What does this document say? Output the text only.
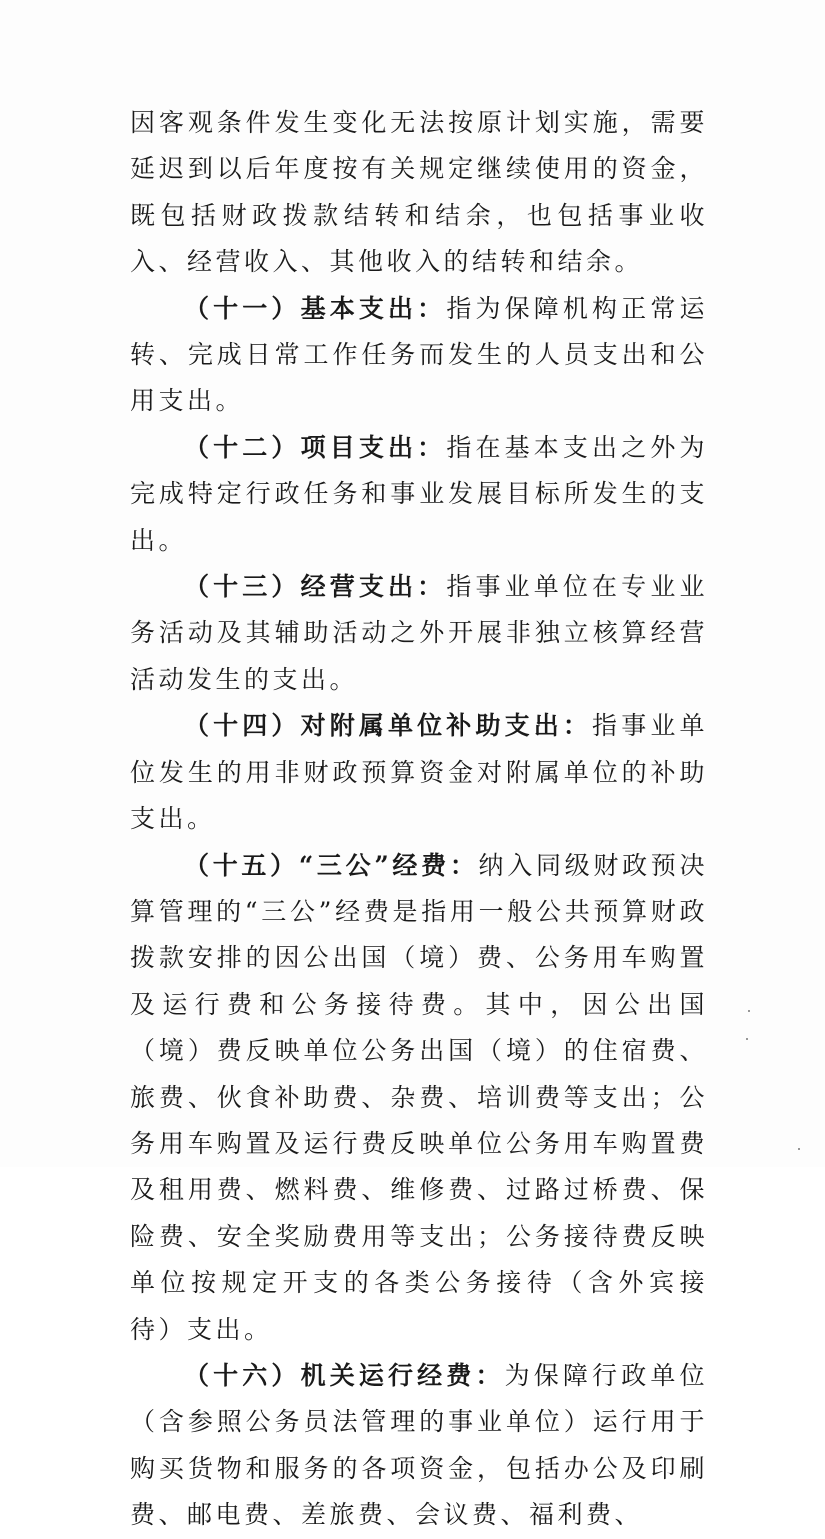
因客观条件发生变化无法按原计划实施，需要延迟到以后年度按有关规定继续使用的资金，既包括财政拨款结转和结余，也包括事业收入、经营收入、其他收入的结转和结余。

（十一）基本支出：指为保障机构正常运转、完成日常工作任务而发生的人员支出和公用支出。

（十二）项目支出：指在基本支出之外为完成特定行政任务和事业发展目标所发生的支出。

（十三）经营支出：指事业单位在专业业务活动及其辅助活动之外开展非独立核算经营活动发生的支出。

（十四）对附属单位补助支出：指事业单位发生的用非财政预算资金对附属单位的补助支出。

（十五）“三公”经费：纳入同级财政预决算管理的“三公”经费是指用一般公共预算财政拨款安排的因公出国（境）费、公务用车购置及运行费和公务接待费。其中，因公出国（境）费反映单位公务出国（境）的住宿费、旅费、伙食补助费、杂费、培训费等支出；公务用车购置及运行费反映单位公务用车购置费及租用费、燃料费、维修费、过路过桥费、保险费、安全奖励费用等支出；公务接待费反映单位按规定开支的各类公务接待（含外宾接待）支出。

（十六）机关运行经费：为保障行政单位（含参照公务员法管理的事业单位）运行用于购买货物和服务的各项资金，包括办公及印刷费、邮电费、差旅费、会议费、福利费、
